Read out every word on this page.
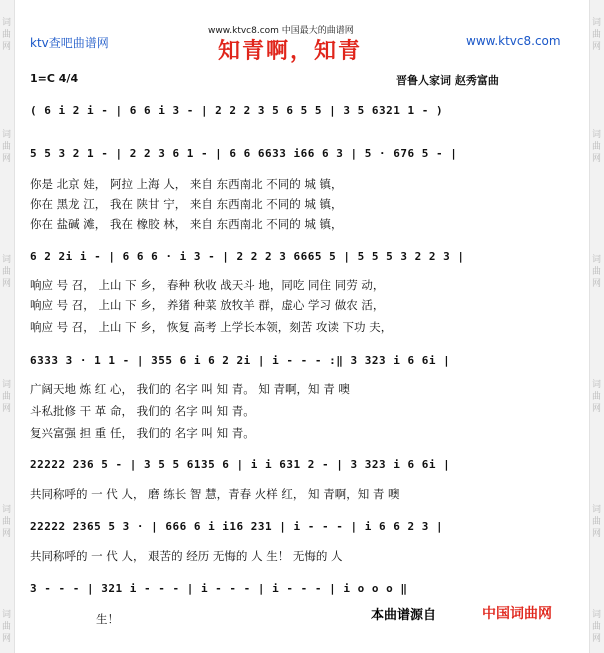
词
曲
网
词
曲
网
词
曲
网
词
曲
网
词
曲
网
词
曲
网
词
曲
网
词
曲
网
词
曲
网
词
曲
网
词
曲
网
词
曲
网
ktv查吧曲谱网
www.ktvc8.com 中国最大的曲谱网
www.ktvc8.com
知青啊，知青
1=C 4/4	晋鲁人家词 赵秀富曲
( 6 i 2 i - | 6 6 i 3 - | 2 2 2 3 5 6 5 5 | 3 5 6321 1 - )
5 5 3 2 1 - | 2 2 3 6 1 - | 6 6 6633 i66 6 3 | 5 · 676 5 - |
你是 北京 娃， 阿拉 上海 人， 来自 东西南北 不同的 城 镇，
你在 黑龙 江， 我在 陕甘 宁， 来自 东西南北 不同的 城 镇，
你在 盐碱 滩， 我在 橡胶 林， 来自 东西南北 不同的 城 镇，
6 2 2i i - | 6 6 6 · i 3 - | 2 2 2 3 6665 5 | 5 5 5 3 2 2 3 |
响应 号 召， 上山 下 乡， 春种 秋收 战天斗 地，同吃 同住 同劳 动，
响应 号 召， 上山 下 乡， 养猪 种菜 放牧羊 群，虚心 学习 做农 活，
响应 号 召， 上山 下 乡， 恢复 高考 上学长本领，刻苦 攻读 下功 夫，
6333 3 · 1 1 - | 355 6 i 6 2 2i | i - - - :‖ 3 323 i 6 6i |
广阔天地 炼 红 心， 我们的 名字 叫 知 青。 知 青啊，知 青 噢
斗私批修 干 革 命， 我们的 名字 叫 知 青。
复兴富强 担 重 任， 我们的 名字 叫 知 青。
22222 236 5 - | 3 5 5 6135 6 | i i 631 2 - | 3 323 i 6 6i |
共同称呼的 一 代 人， 磨 练长 智 慧，青春 火样 红， 知 青啊，知 青 噢
22222 2365 5 3 · | 666 6 i i16 231 | i - - - | i 6 6 2 3 |
共同称呼的 一 代 人， 艰苦的 经历 无悔的 人 生！ 无悔的 人
3 - - - | 321 i - - - | i - - - | i - - - | i o o o ‖
生！	本曲谱源自	中国词曲网
